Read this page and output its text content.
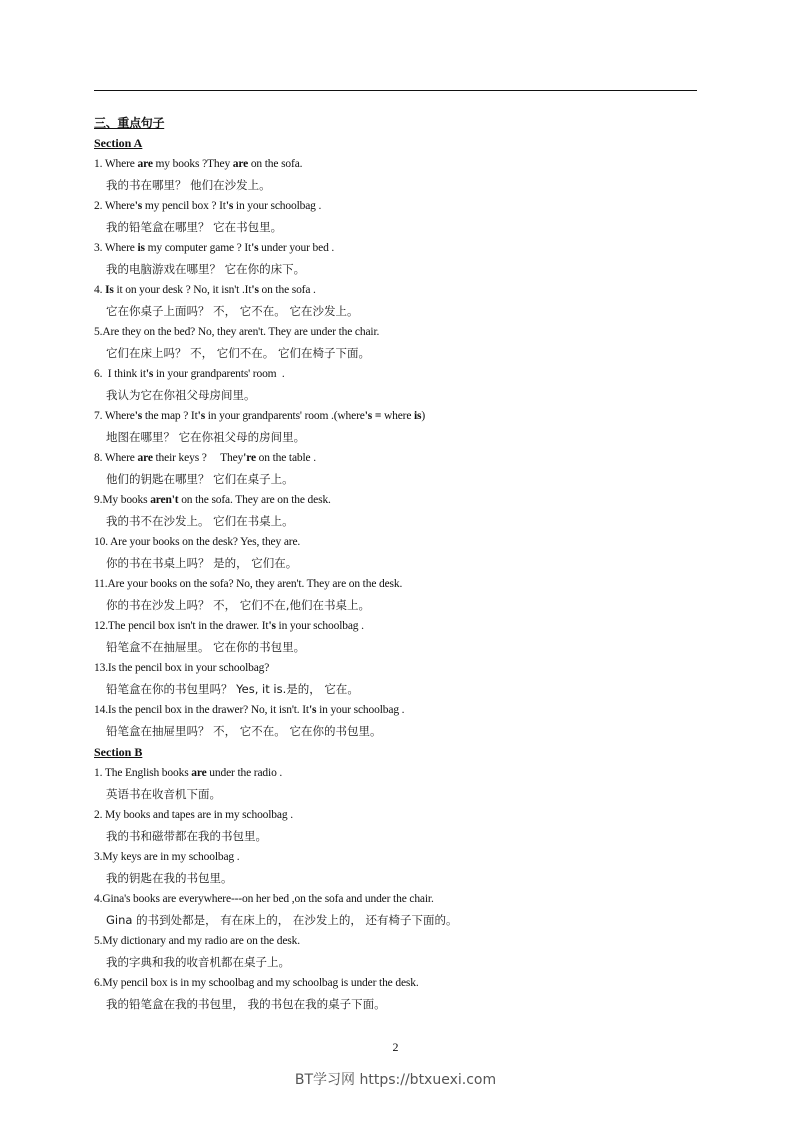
三、重点句子
Section A
1. Where are my books ?They are on the sofa.
我的书在哪里？ 他们在沙发上。
2. Where's my pencil box ? It's in your schoolbag .
我的铅笔盒在哪里？ 它在书包里。
3. Where is my computer game ? It's under your bed .
我的电脑游戏在哪里？ 它在你的床下。
4. Is it on your desk ? No, it isn't .It's on the sofa .
它在你桌子上面吗？ 不， 它不在。 它在沙发上。
5.Are they on the bed? No, they aren't. They are under the chair.
它们在床上吗？ 不， 它们不在。 它们在椅子下面。
6.  I think it's in your grandparents' room  .
我认为它在你祖父母房间里。
7. Where's the map ? It's in your grandparents' room .(where's = where is)
地图在哪里？ 它在你祖父母的房间里。
8. Where are their keys ?     They're on the table .
他们的钥匙在哪里？ 它们在桌子上。
9.My books aren't on the sofa. They are on the desk.
我的书不在沙发上。 它们在书桌上。
10. Are your books on the desk? Yes, they are.
你的书在书桌上吗？ 是的， 它们在。
11.Are your books on the sofa? No, they aren't. They are on the desk.
你的书在沙发上吗？ 不， 它们不在,他们在书桌上。
12.The pencil box isn't in the drawer. It's in your schoolbag .
铅笔盒不在抽屉里。 它在你的书包里。
13.Is the pencil box in your schoolbag?
铅笔盒在你的书包里吗？ Yes, it is.是的， 它在。
14.Is the pencil box in the drawer? No, it isn't. It's in your schoolbag .
铅笔盒在抽屉里吗？ 不， 它不在。 它在你的书包里。
Section B
1. The English books are under the radio .
英语书在收音机下面。
2. My books and tapes are in my schoolbag .
我的书和磁带都在我的书包里。
3.My keys are in my schoolbag .
我的钥匙在我的书包里。
4.Gina's books are everywhere---on her bed ,on the sofa and under the chair.
Gina 的书到处都是， 有在床上的， 在沙发上的， 还有椅子下面的。
5.My dictionary and my radio are on the desk.
我的字典和我的收音机都在桌子上。
6.My pencil box is in my schoolbag and my schoolbag is under the desk.
我的铅笔盒在我的书包里， 我的书包在我的桌子下面。
2
BT学习网 https://btxuexi.com
